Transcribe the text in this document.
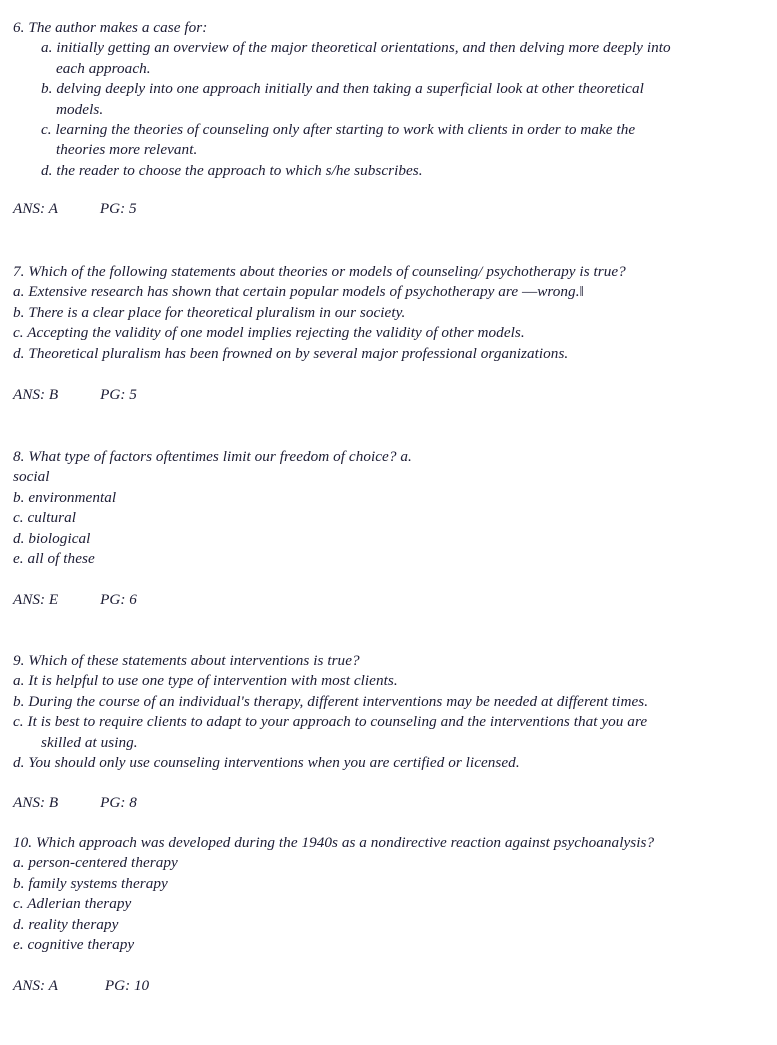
6. The author makes a case for:
a. initially getting an overview of the major theoretical orientations, and then delving more deeply into
each approach.
b. delving deeply into one approach initially and then taking a superficial look at other theoretical
models.
c. learning the theories of counseling only after starting to work with clients in order to make the
theories more relevant.
d. the reader to choose the approach to which s/he subscribes.
ANS: A	PG: 5
7. Which of the following statements about theories or models of counseling/ psychotherapy is true?
a. Extensive research has shown that certain popular models of psychotherapy are ―wrong.‖
b. There is a clear place for theoretical pluralism in our society.
c. Accepting the validity of one model implies rejecting the validity of other models.
d. Theoretical pluralism has been frowned on by several major professional organizations.
ANS: B	PG: 5
8. What type of factors oftentimes limit our freedom of choice? a.
social
b. environmental
c. cultural
d. biological
e. all of these
ANS: E	PG: 6
9. Which of these statements about interventions is true?
a. It is helpful to use one type of intervention with most clients.
b. During the course of an individual's therapy, different interventions may be needed at different times.
c. It is best to require clients to adapt to your approach to counseling and the interventions that you are
skilled at using.
d. You should only use counseling interventions when you are certified or licensed.
ANS: B	PG: 8
10. Which approach was developed during the 1940s as a nondirective reaction against psychoanalysis?
a. person-centered therapy
b. family systems therapy
c. Adlerian therapy
d. reality therapy
e. cognitive therapy
ANS: A	PG: 10
